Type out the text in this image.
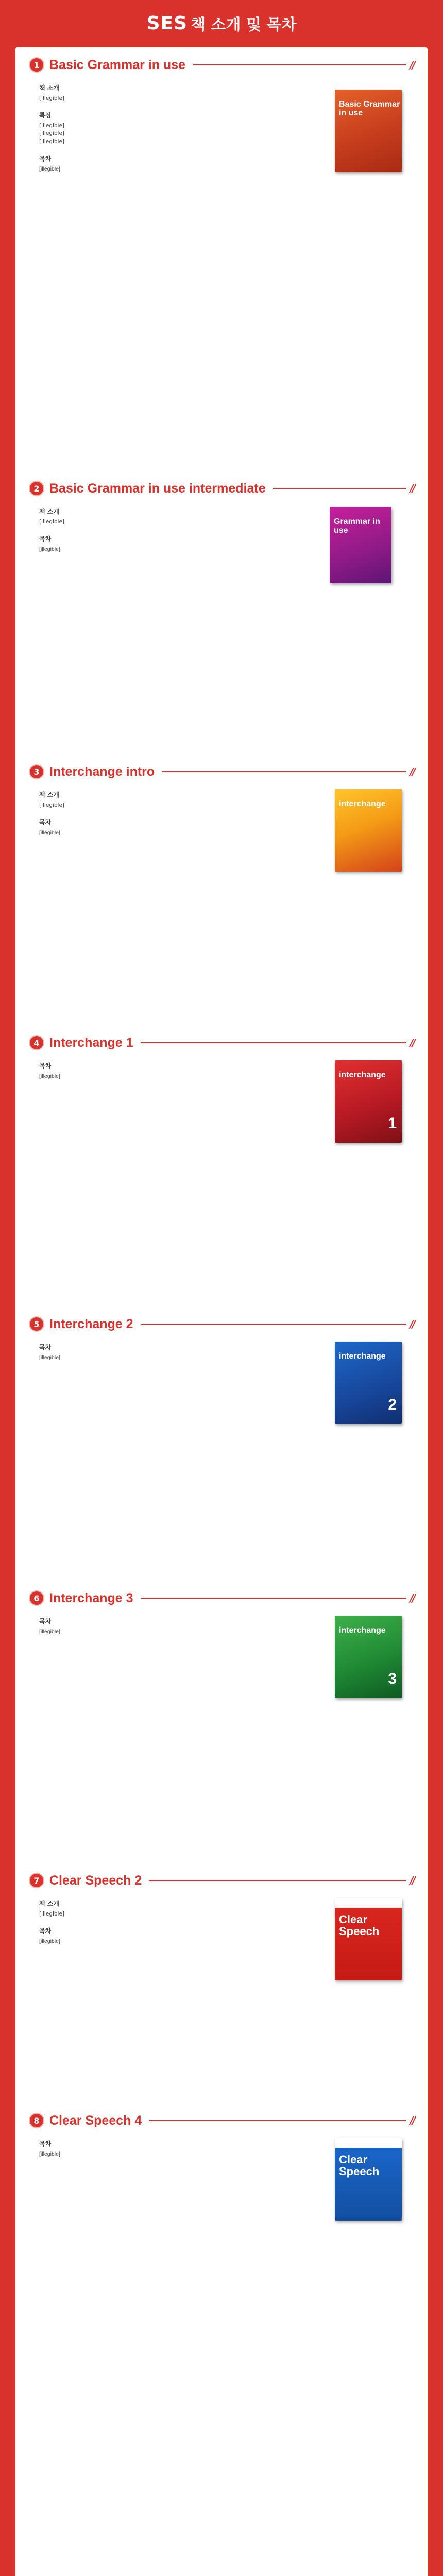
SES 책 소개 및 목차
1 Basic Grammar in use	//
책 소개
[illegible]
특징
[illegible]
[illegible]
[illegible]
목차
[illegible]
Basic Grammar in use
2 Basic Grammar in use intermediate	//
책 소개
[illegible]
목차
[illegible]
Grammar in use
3 Interchange intro	//
책 소개
[illegible]
목차
[illegible]
interchange
4 Interchange 1	//
목차
[illegible]	interchange
1
5 Interchange 2	//
목차
[illegible]	interchange
2
6 Interchange 3	//
목차
[illegible]	interchange
3
7 Clear Speech 2	//
책 소개
[illegible]
목차
[illegible]
Clear Speech
8 Clear Speech 4	//
목차
[illegible]	Clear Speech
